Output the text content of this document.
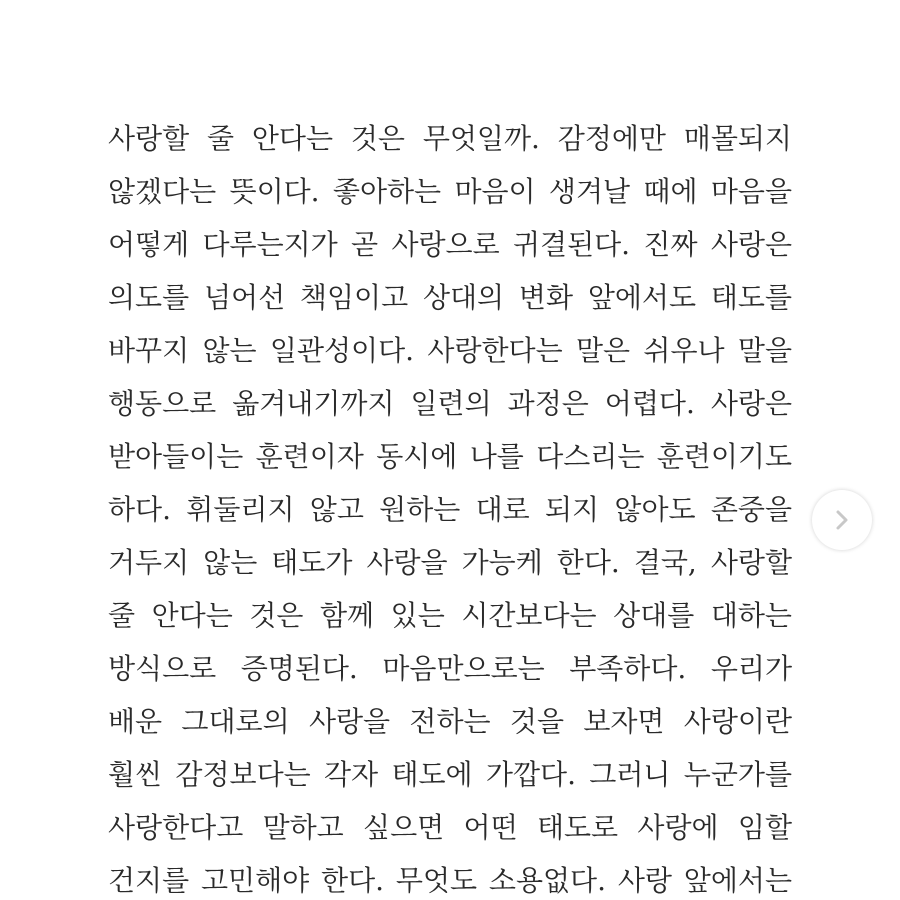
사랑할 줄 안다는 것은 무엇일까. 감정에만 매몰되지
않겠다는 뜻이다. 좋아하는 마음이 생겨날 때에 마음을
어떻게 다루는지가 곧 사랑으로 귀결된다. 진짜 사랑은
의도를 넘어선 책임이고 상대의 변화 앞에서도 태도를
바꾸지 않는 일관성이다. 사랑한다는 말은 쉬우나 말을
행동으로 옮겨내기까지 일련의 과정은 어렵다. 사랑은
받아들이는 훈련이자 동시에 나를 다스리는 훈련이기도
하다. 휘둘리지 않고 원하는 대로 되지 않아도 존중을
거두지 않는 태도가 사랑을 가능케 한다. 결국, 사랑할
줄 안다는 것은 함께 있는 시간보다는 상대를 대하는
방식으로 증명된다. 마음만으로는 부족하다. 우리가
배운 그대로의 사랑을 전하는 것을 보자면 사랑이란
훨씬 감정보다는 각자 태도에 가깝다. 그러니 누군가를
사랑한다고 말하고 싶으면 어떤 태도로 사랑에 임할
건지를 고민해야 한다. 무엇도 소용없다. 사랑 앞에서는
